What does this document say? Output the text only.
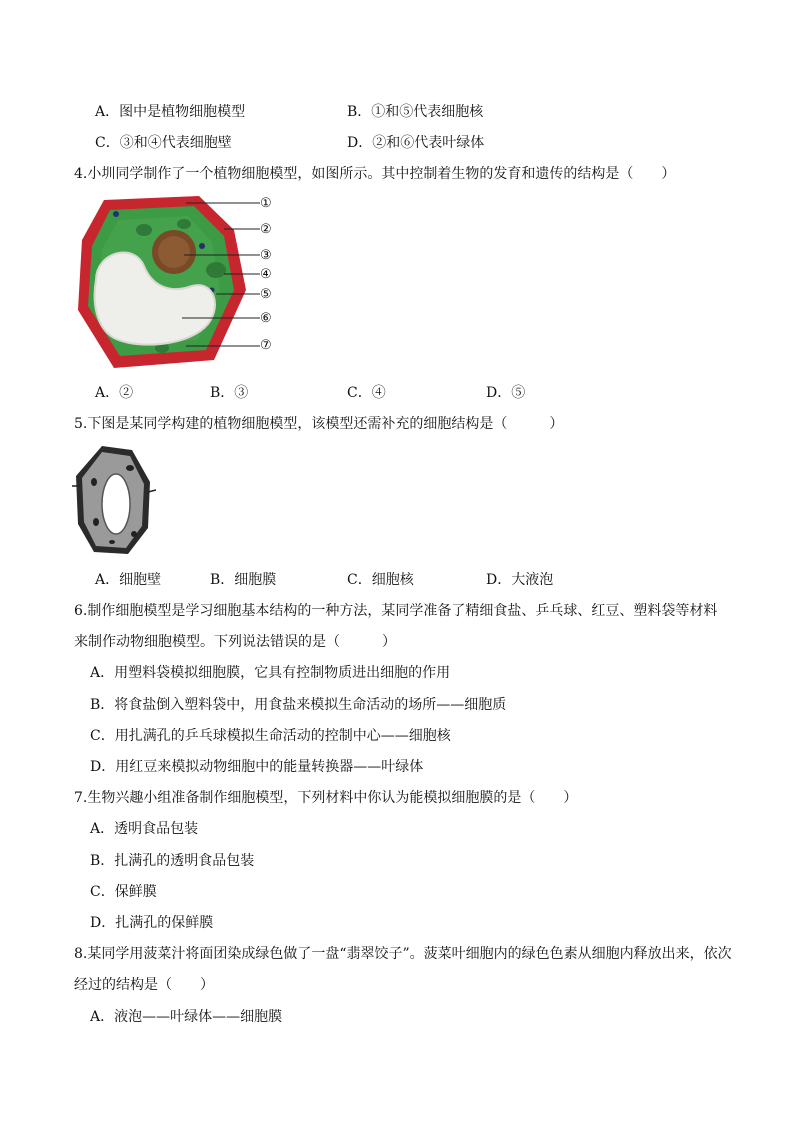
A．图中是植物细胞模型	B．①和⑤代表细胞核
C．③和④代表细胞壁	D．②和⑥代表叶绿体
4.小圳同学制作了一个植物细胞模型，如图所示。其中控制着生物的发育和遗传的结构是（　　）
①
②
③
④
⑤
⑥
⑦
A．②	B．③	C．④	D．⑤
5.下图是某同学构建的植物细胞模型，该模型还需补充的细胞结构是（　　　）
A．细胞壁	B．细胞膜	C．细胞核	D．大液泡
6.制作细胞模型是学习细胞基本结构的一种方法，某同学准备了精细食盐、乒乓球、红豆、塑料袋等材料
来制作动物细胞模型。下列说法错误的是（　　　）
A．用塑料袋模拟细胞膜，它具有控制物质进出细胞的作用
B．将食盐倒入塑料袋中，用食盐来模拟生命活动的场所——细胞质
C．用扎满孔的乒乓球模拟生命活动的控制中心——细胞核
D．用红豆来模拟动物细胞中的能量转换器——叶绿体
7.生物兴趣小组准备制作细胞模型，下列材料中你认为能模拟细胞膜的是（　　）
A．透明食品包装
B．扎满孔的透明食品包装
C．保鲜膜
D．扎满孔的保鲜膜
8.某同学用菠菜汁将面团染成绿色做了一盘“翡翠饺子”。菠菜叶细胞内的绿色色素从细胞内释放出来，依次
经过的结构是（　　）
A．液泡——叶绿体——细胞膜
